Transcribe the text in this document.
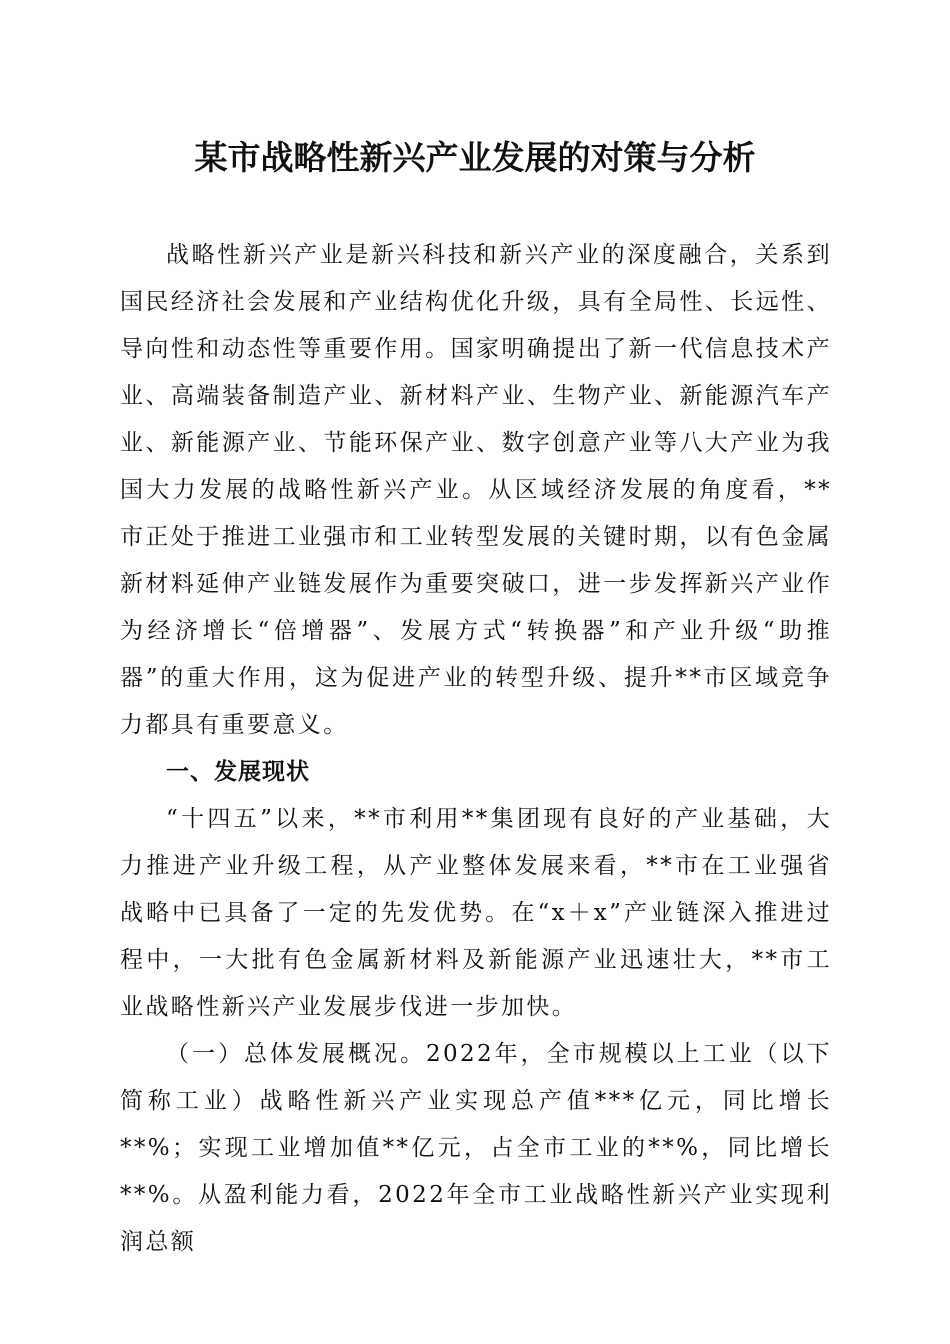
某市战略性新兴产业发展的对策与分析

战略性新兴产业是新兴科技和新兴产业的深度融合，关系到国民经济社会发展和产业结构优化升级，具有全局性、长远性、导向性和动态性等重要作用。国家明确提出了新一代信息技术产业、高端装备制造产业、新材料产业、生物产业、新能源汽车产业、新能源产业、节能环保产业、数字创意产业等八大产业为我国大力发展的战略性新兴产业。从区域经济发展的角度看，**市正处于推进工业强市和工业转型发展的关键时期，以有色金属新材料延伸产业链发展作为重要突破口，进一步发挥新兴产业作为经济增长“倍增器”、发展方式“转换器”和产业升级“助推器”的重大作用，这为促进产业的转型升级、提升**市区域竞争力都具有重要意义。

一、发展现状

“十四五”以来，**市利用**集团现有良好的产业基础，大力推进产业升级工程，从产业整体发展来看，**市在工业强省战略中已具备了一定的先发优势。在“x＋x”产业链深入推进过程中，一大批有色金属新材料及新能源产业迅速壮大，**市工业战略性新兴产业发展步伐进一步加快。

（一）总体发展概况。2022年，全市规模以上工业（以下简称工业）战略性新兴产业实现总产值***亿元，同比增长**%；实现工业增加值**亿元，占全市工业的**%，同比增长**%。从盈利能力看，2022年全市工业战略性新兴产业实现利润总额
